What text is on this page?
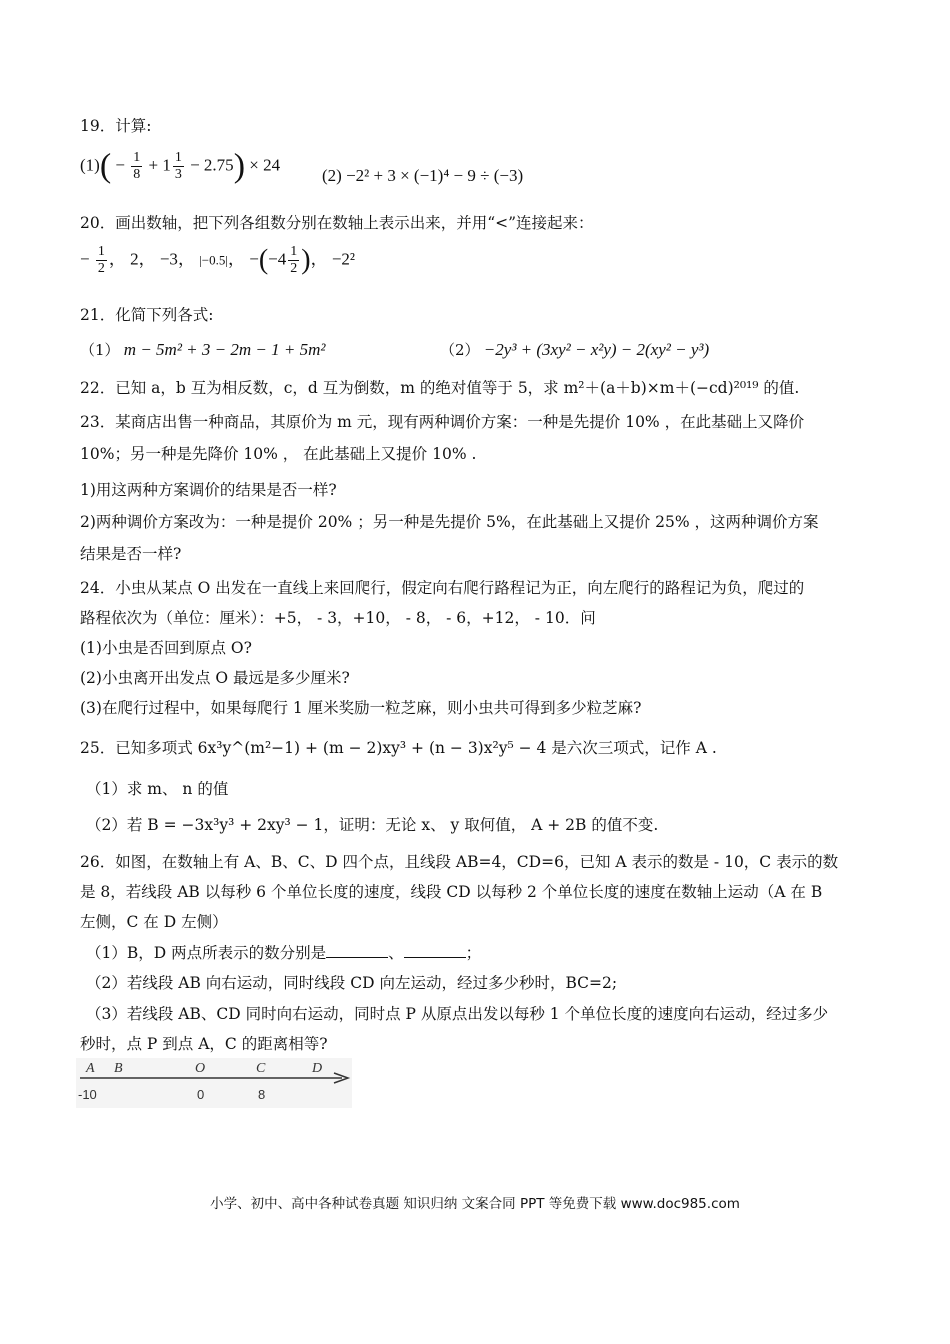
19．计算:
$(1)( - \frac{1}{8} + 1 \frac{1}{3} - 2.75) \times 24$
(2) −2² + 3 × (−1)⁴ − 9 ÷ (−3)
20．画出数轴，把下列各组数分别在数轴上表示出来，并用“<”连接起来：
− $\frac{1}{2}$ ， 2， −3， |−0.5|， $-(-4 \frac{1}{2}$ )， −2²
21．化简下列各式:
（1） m − 5m² + 3 − 2m − 1 + 5m²	（2） −2y³ + (3xy² − x²y) − 2(xy² − y³)
22．已知 a，b 互为相反数，c，d 互为倒数，m 的绝对值等于 5，求 m²＋(a＋b)×m＋(−cd)²⁰¹⁹ 的值.
23．某商店出售一种商品，其原价为 m 元，现有两种调价方案：一种是先提价 10% ，在此基础上又降价
10%；另一种是先降价 10% ， 在此基础上又提价 10% .
1)用这两种方案调价的结果是否一样?
2)两种调价方案改为：一种是提价 20% ；另一种是先提价 5%，在此基础上又提价 25% ，这两种调价方案
结果是否一样?
24．小虫从某点 O 出发在一直线上来回爬行，假定向右爬行路程记为正，向左爬行的路程记为负，爬过的
路程依次为（单位：厘米）：+5， - 3，+10， - 8， - 6，+12， - 10．问
(1)小虫是否回到原点 O?
(2)小虫离开出发点 O 最远是多少厘米?
(3)在爬行过程中，如果每爬行 1 厘米奖励一粒芝麻，则小虫共可得到多少粒芝麻?
25．已知多项式 6x³y^(m²−1) + (m − 2)xy³ + (n − 3)x²y⁵ − 4 是六次三项式，记作 A .
（1）求 m、 n 的值
（2）若 B = −3x³y³ + 2xy³ − 1，证明：无论 x、 y 取何值， A + 2B 的值不变.
26．如图，在数轴上有 A、B、C、D 四个点，且线段 AB=4，CD=6，已知 A 表示的数是 - 10，C 表示的数
是 8，若线段 AB 以每秒 6 个单位长度的速度，线段 CD 以每秒 2 个单位长度的速度在数轴上运动（A 在 B
左侧，C 在 D 左侧）
（1）B，D 两点所表示的数分别是	、	；
（2）若线段 AB 向右运动，同时线段 CD 向左运动，经过多少秒时，BC=2;
（3）若线段 AB、CD 同时向右运动，同时点 P 从原点出发以每秒 1 个单位长度的速度向右运动，经过多少
秒时，点 P 到点 A，C 的距离相等?
A B	O	C	D
-10	0	8
小学、初中、高中各种试卷真题 知识归纳 文案合同 PPT 等免费下载 www.doc985.com
